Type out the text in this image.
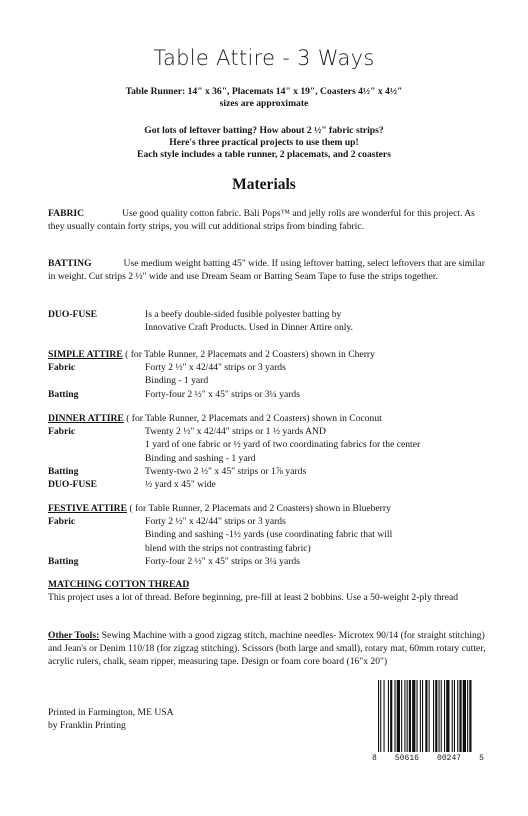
Table Attire - 3 Ways
Table Runner: 14" x 36", Placemats 14" x 19", Coasters 4½" x 4½"
sizes are approximate
Got lots of leftover batting? How about 2 ½" fabric strips?
Here's three practical projects to use them up!
Each style includes a table runner, 2 placemats, and 2 coasters
Materials
FABRIC	Use good quality cotton fabric. Bali Pops™ and jelly rolls are wonderful for this project. As they usually contain forty strips, you will cut additional strips from binding fabric.
BATTING	Use medium weight batting 45" wide. If using leftover batting, select leftovers that are similar in weight. Cut strips 2 ½" wide and use Dream Seam or Batting Seam Tape to fuse the strips together.
DUO-FUSE	Is a beefy double-sided fusible polyester batting by
Innovative Craft Products. Used in Dinner Attire only.
SIMPLE ATTIRE ( for Table Runner, 2 Placemats and 2 Coasters) shown in Cherry
Fabric	Forty 2 ½" x 42/44" strips or 3 yards
Binding - 1 yard
Batting	Forty-four 2 ½" x 45" strips or 3¼ yards
DINNER ATTIRE ( for Table Runner, 2 Placemats and 2 Coasters) shown in Coconut
Fabric	Twenty 2 ½" x 42/44" strips or 1 ½ yards AND
1 yard of one fabric or ½ yard of two coordinating fabrics for the center
Binding and sashing - 1 yard
Batting	Twenty-two 2 ½" x 45" strips or 1⅞ yards
DUO-FUSE	½ yard x 45" wide
FESTIVE ATTIRE ( for Table Runner, 2 Placemats and 2 Coasters) shown in Blueberry
Fabric	Forty 2 ½" x 42/44" strips or 3 yards
Binding and sashing -1½ yards (use coordinating fabric that will
blend with the strips not contrasting fabric)
Batting	Forty-four 2 ½" x 45" strips or 3¼ yards
MATCHING COTTON THREAD
This project uses a lot of thread. Before beginning, pre-fill at least 2 bobbins. Use a 50-weight 2-ply thread
Other Tools: Sewing Machine with a good zigzag stitch, machine needles- Microtex 90/14 (for straight stitching) and Jean's or Denim 110/18 (for zigzag stitching). Scissors (both large and small), rotary mat, 60mm rotary cutter, acrylic rulers, chalk, seam ripper, measuring tape. Design or foam core board (16"x 20")
Printed in Farmington, ME USA
by Franklin Printing
8 50616 00247 5
